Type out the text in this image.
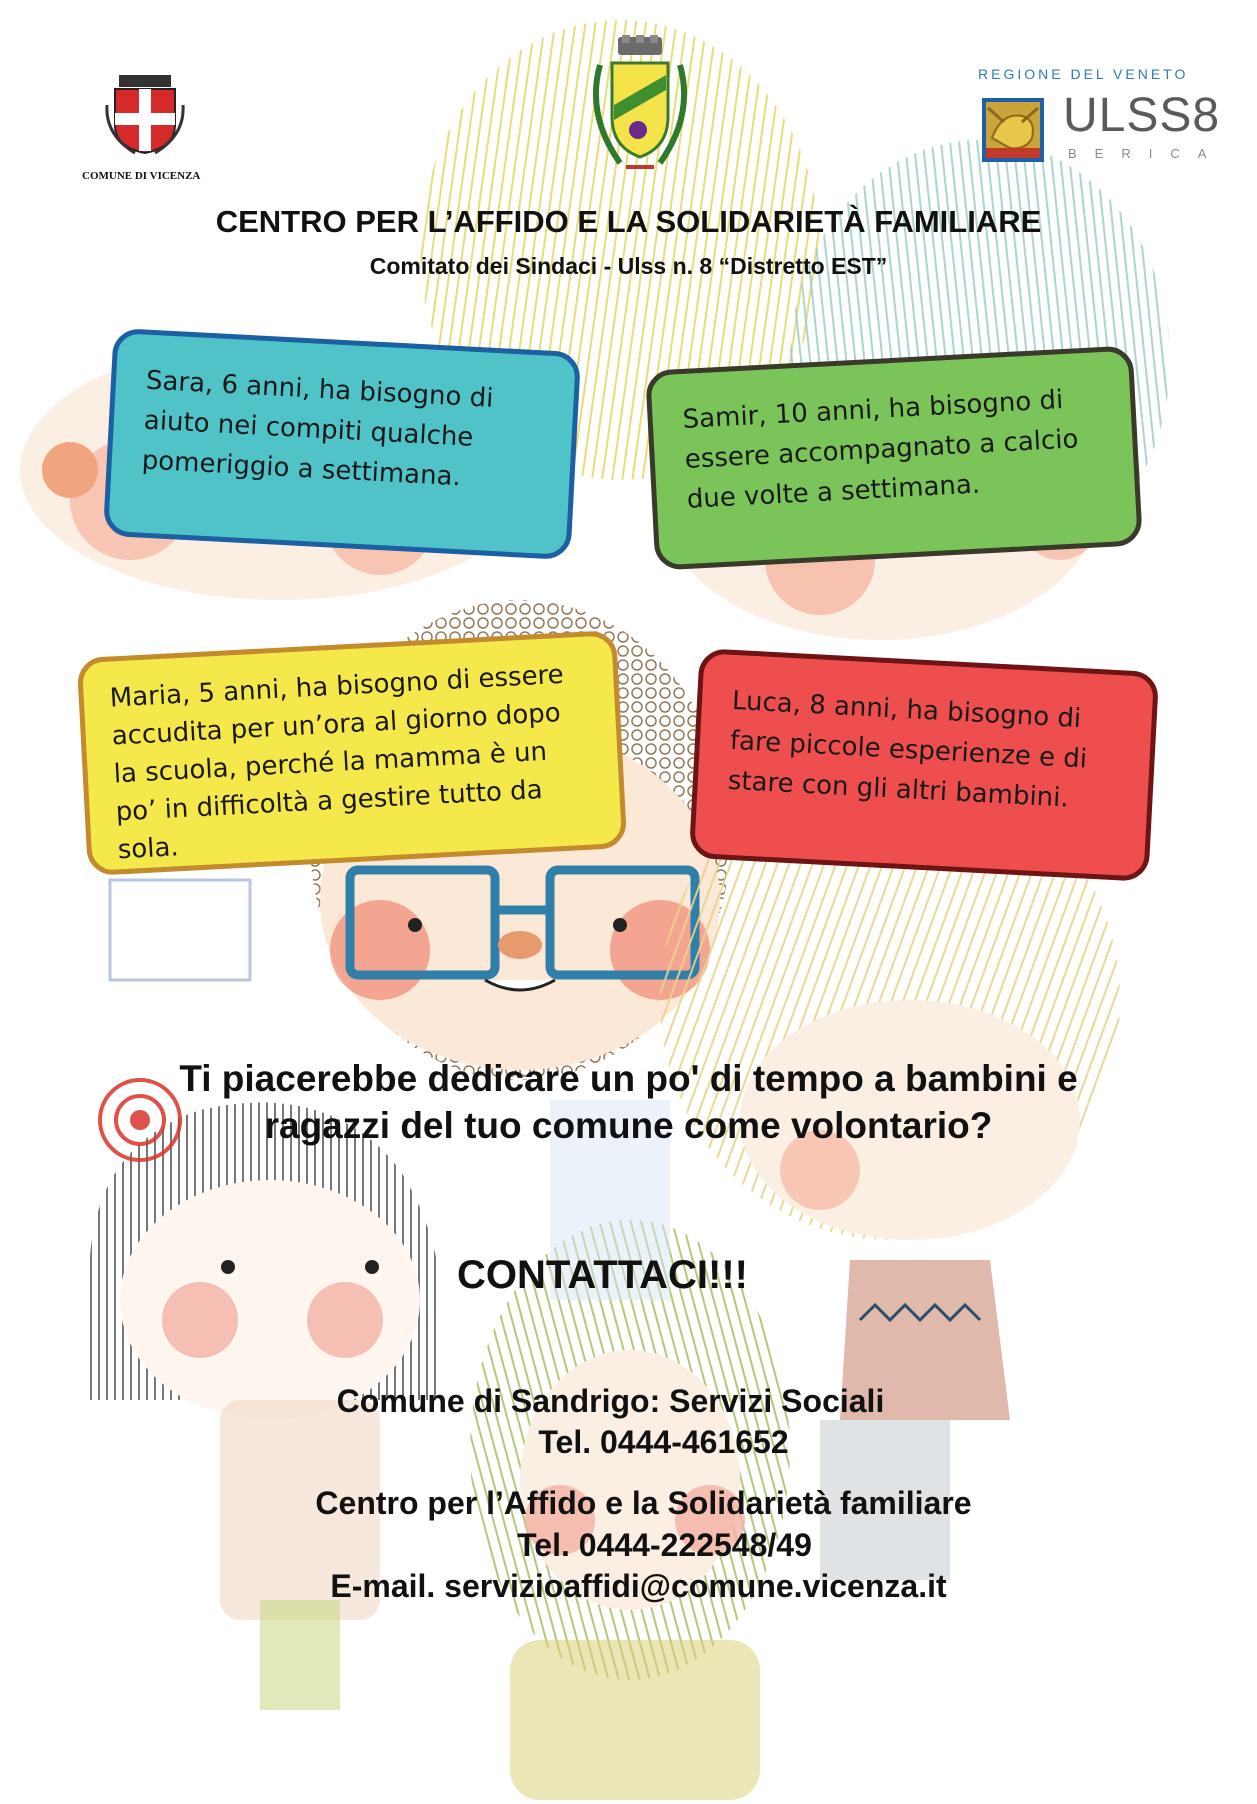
COMUNE DI VICENZA
REGIONE DEL VENETO
ULSS8
BERICA
CENTRO PER L’AFFIDO E LA SOLIDARIETÀ FAMILIARE
Comitato dei Sindaci - Ulss n. 8 “Distretto EST”
Sara, 6 anni, ha bisogno di aiuto nei compiti qualche pomeriggio a settimana.
Samir, 10 anni, ha bisogno di essere accompagnato a calcio due volte a settimana.
Maria, 5 anni, ha bisogno di essere accudita per un’ora al giorno dopo la scuola, perché la mamma è un po’ in difficoltà a gestire tutto da sola.
Luca, 8 anni, ha bisogno di fare piccole esperienze e di stare con gli altri bambini.
Ti piacerebbe dedicare un po' di tempo a bambini e
ragazzi del tuo comune come volontario?
CONTATTACI!!!
Comune di Sandrigo: Servizi Sociali
Tel. 0444-461652
Centro per l’Affido e la Solidarietà familiare
Tel. 0444-222548/49
E-mail. servizioaffidi@comune.vicenza.it
